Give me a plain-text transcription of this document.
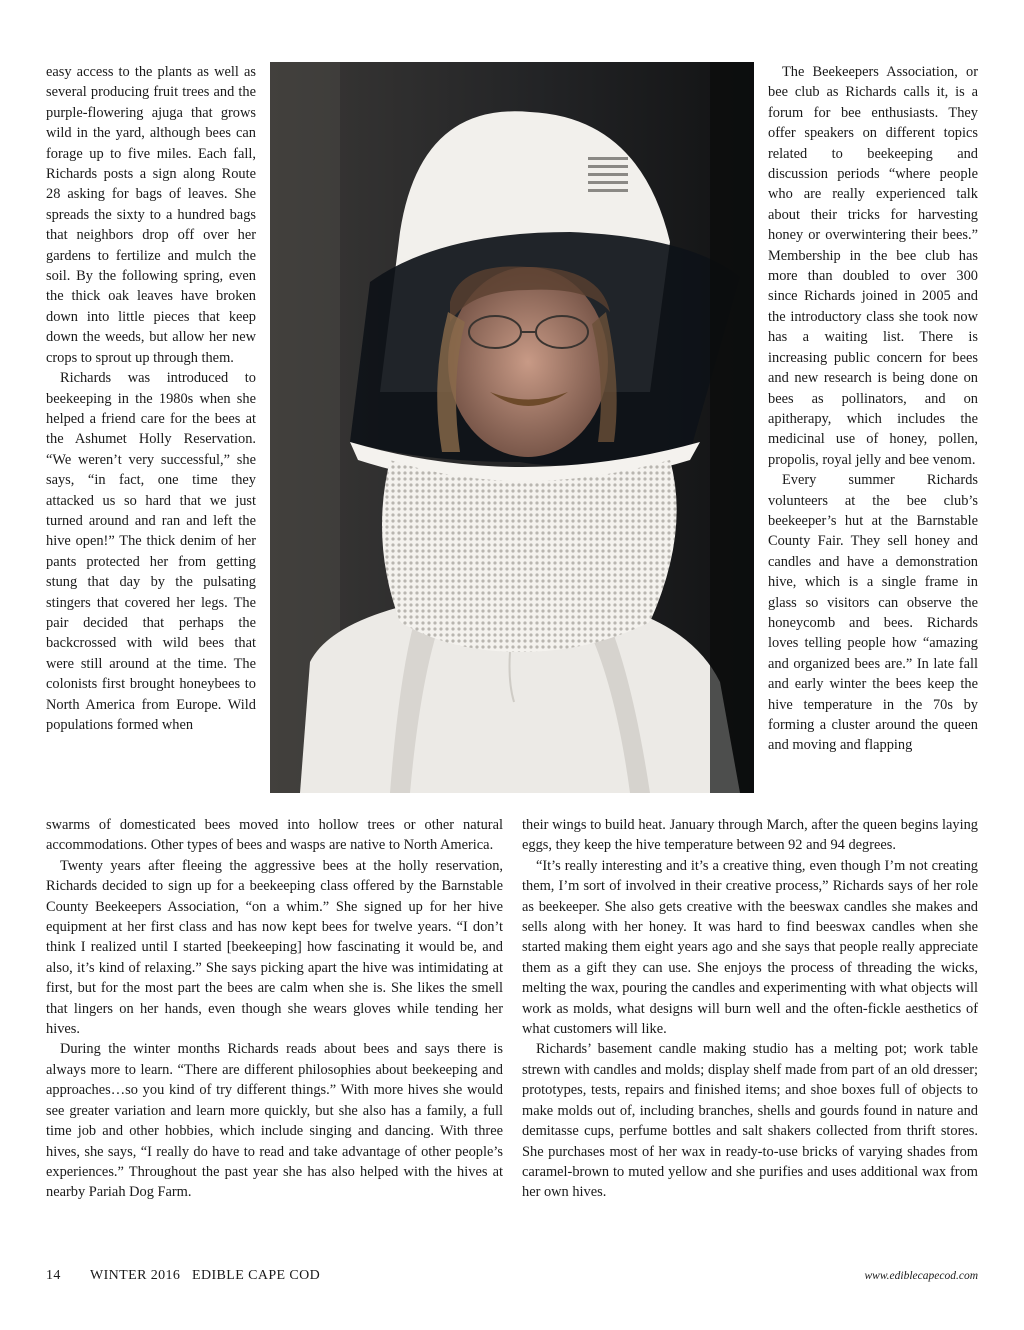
easy access to the plants as well as several producing fruit trees and the purple-flowering ajuga that grows wild in the yard, although bees can forage up to five miles. Each fall, Richards posts a sign along Route 28 asking for bags of leaves. She spreads the sixty to a hundred bags that neighbors drop off over her gardens to fertilize and mulch the soil. By the following spring, even the thick oak leaves have broken down into little pieces that keep down the weeds, but allow her new crops to sprout up through them.

Richards was introduced to beekeeping in the 1980s when she helped a friend care for the bees at the Ashumet Holly Reservation. “We weren’t very successful,” she says, “in fact, one time they attacked us so hard that we just turned around and ran and left the hive open!” The thick denim of her pants protected her from getting stung that day by the pulsating stingers that covered her legs. The pair decided that perhaps the backcrossed with wild bees that were still around at the time. The colonists first brought honeybees to North America from Europe. Wild populations formed when

The Beekeepers Association, or bee club as Richards calls it, is a forum for bee enthusiasts. They offer speakers on different topics related to beekeeping and discussion periods “where people who are really experienced talk about their tricks for harvesting honey or overwintering their bees.” Membership in the bee club has more than doubled to over 300 since Richards joined in 2005 and the introductory class she took now has a waiting list. There is increasing public concern for bees and new research is being done on bees as pollinators, and on apitherapy, which includes the medicinal use of honey, pollen, propolis, royal jelly and bee venom.

Every summer Richards volunteers at the bee club’s beekeeper’s hut at the Barnstable County Fair. They sell honey and candles and have a demonstration hive, which is a single frame in glass so visitors can observe the honeycomb and bees. Richards loves telling people how “amazing and organized bees are.” In late fall and early winter the bees keep the hive temperature in the 70s by forming a cluster around the queen and moving and flapping

swarms of domesticated bees moved into hollow trees or other natural accommodations. Other types of bees and wasps are native to North America.

Twenty years after fleeing the aggressive bees at the holly reservation, Richards decided to sign up for a beekeeping class offered by the Barnstable County Beekeepers Association, “on a whim.” She signed up for her hive equipment at her first class and has now kept bees for twelve years. “I don’t think I realized until I started [beekeeping] how fascinating it would be, and also, it’s kind of relaxing.” She says picking apart the hive was intimidating at first, but for the most part the bees are calm when she is. She likes the smell that lingers on her hands, even though she wears gloves while tending her hives.

During the winter months Richards reads about bees and says there is always more to learn. “There are different philosophies about beekeeping and approaches…so you kind of try different things.” With more hives she would see greater variation and learn more quickly, but she also has a family, a full time job and other hobbies, which include singing and dancing. With three hives, she says, “I really do have to read and take advantage of other people’s experiences.” Throughout the past year she has also helped with the hives at nearby Pariah Dog Farm.

their wings to build heat. January through March, after the queen begins laying eggs, they keep the hive temperature between 92 and 94 degrees.

“It’s really interesting and it’s a creative thing, even though I’m not creating them, I’m sort of involved in their creative process,” Richards says of her role as beekeeper. She also gets creative with the beeswax candles she makes and sells along with her honey. It was hard to find beeswax candles when she started making them eight years ago and she says that people really appreciate them as a gift they can use. She enjoys the process of threading the wicks, melting the wax, pouring the candles and experimenting with what objects will work as molds, what designs will burn well and the often-fickle aesthetics of what customers will like.

Richards’ basement candle making studio has a melting pot; work table strewn with candles and molds; display shelf made from part of an old dresser; prototypes, tests, repairs and finished items; and shoe boxes full of objects to make molds out of, including branches, shells and gourds found in nature and demitasse cups, perfume bottles and salt shakers collected from thrift stores. She purchases most of her wax in ready-to-use bricks of varying shades from caramel-brown to muted yellow and she purifies and uses additional wax from her own hives.

14 WINTER 2016 EDIBLE CAPE COD	www.ediblecapecod.com
